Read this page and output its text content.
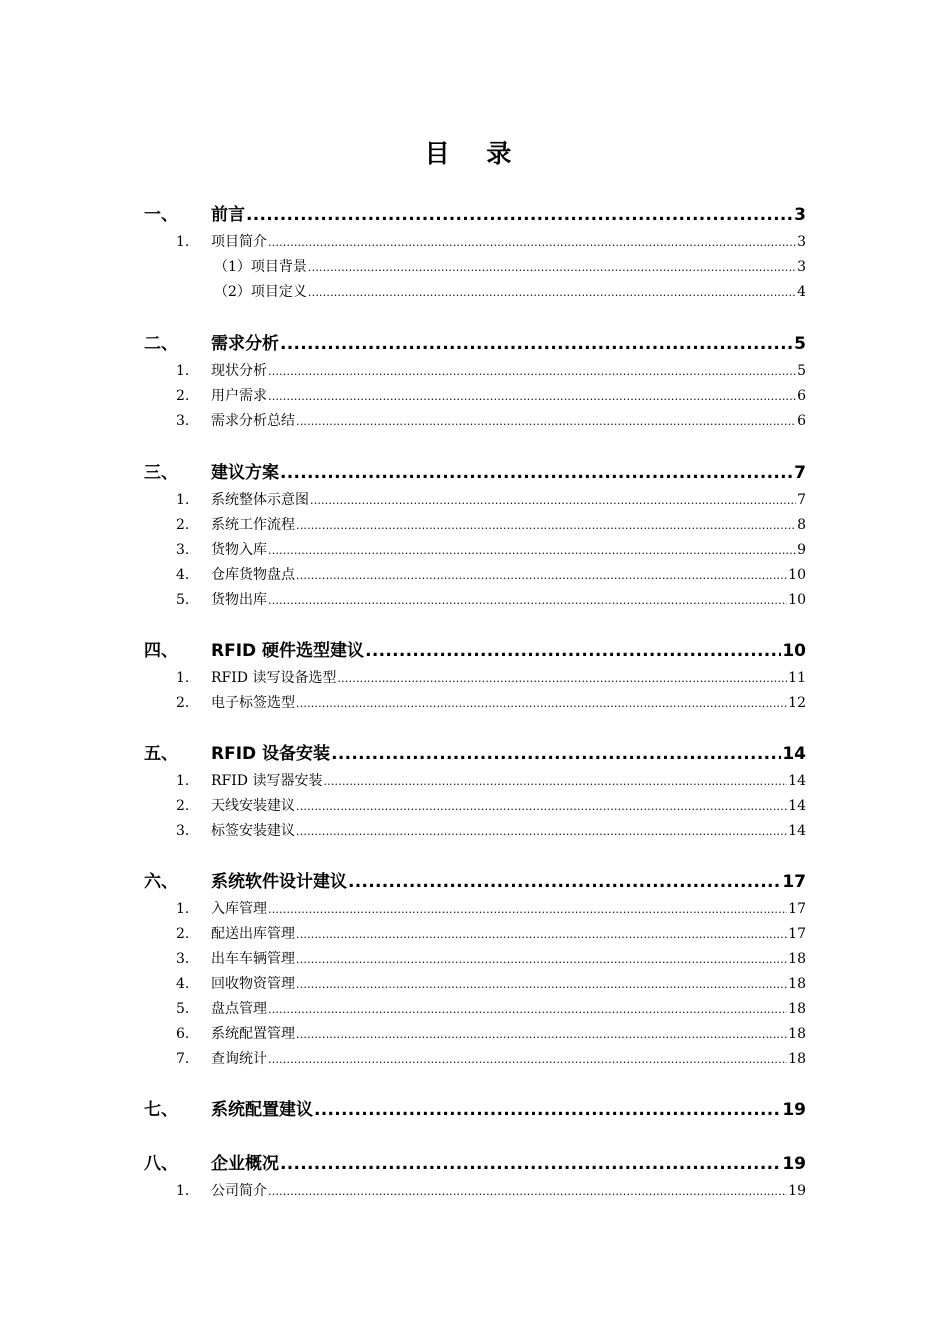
目 录
一、 前言 .....	3
1. 项目简介 .....	3
（1）项目背景 .....	3
（2）项目定义 .....	4
二、 需求分析 .....	5
1. 现状分析 .....	5
2. 用户需求 .....	6
3. 需求分析总结 .....	6
三、 建议方案 .....	7
1. 系统整体示意图 .....	7
2. 系统工作流程 .....	8
3. 货物入库 .....	9
4. 仓库货物盘点 .....	10
5. 货物出库 .....	10
四、 RFID 硬件选型建议 .....	10
1. RFID 读写设备选型 .....	11
2. 电子标签选型 .....	12
五、 RFID 设备安装 .....	14
1. RFID 读写器安装 .....	14
2. 天线安装建议 .....	14
3. 标签安装建议 .....	14
六、 系统软件设计建议 .....	17
1. 入库管理 .....	17
2. 配送出库管理 .....	17
3. 出车车辆管理 .....	18
4. 回收物资管理 .....	18
5. 盘点管理 .....	18
6. 系统配置管理 .....	18
7. 查询统计 .....	18
七、 系统配置建议 .....	19
八、 企业概况 .....	19
1. 公司简介 .....	19
